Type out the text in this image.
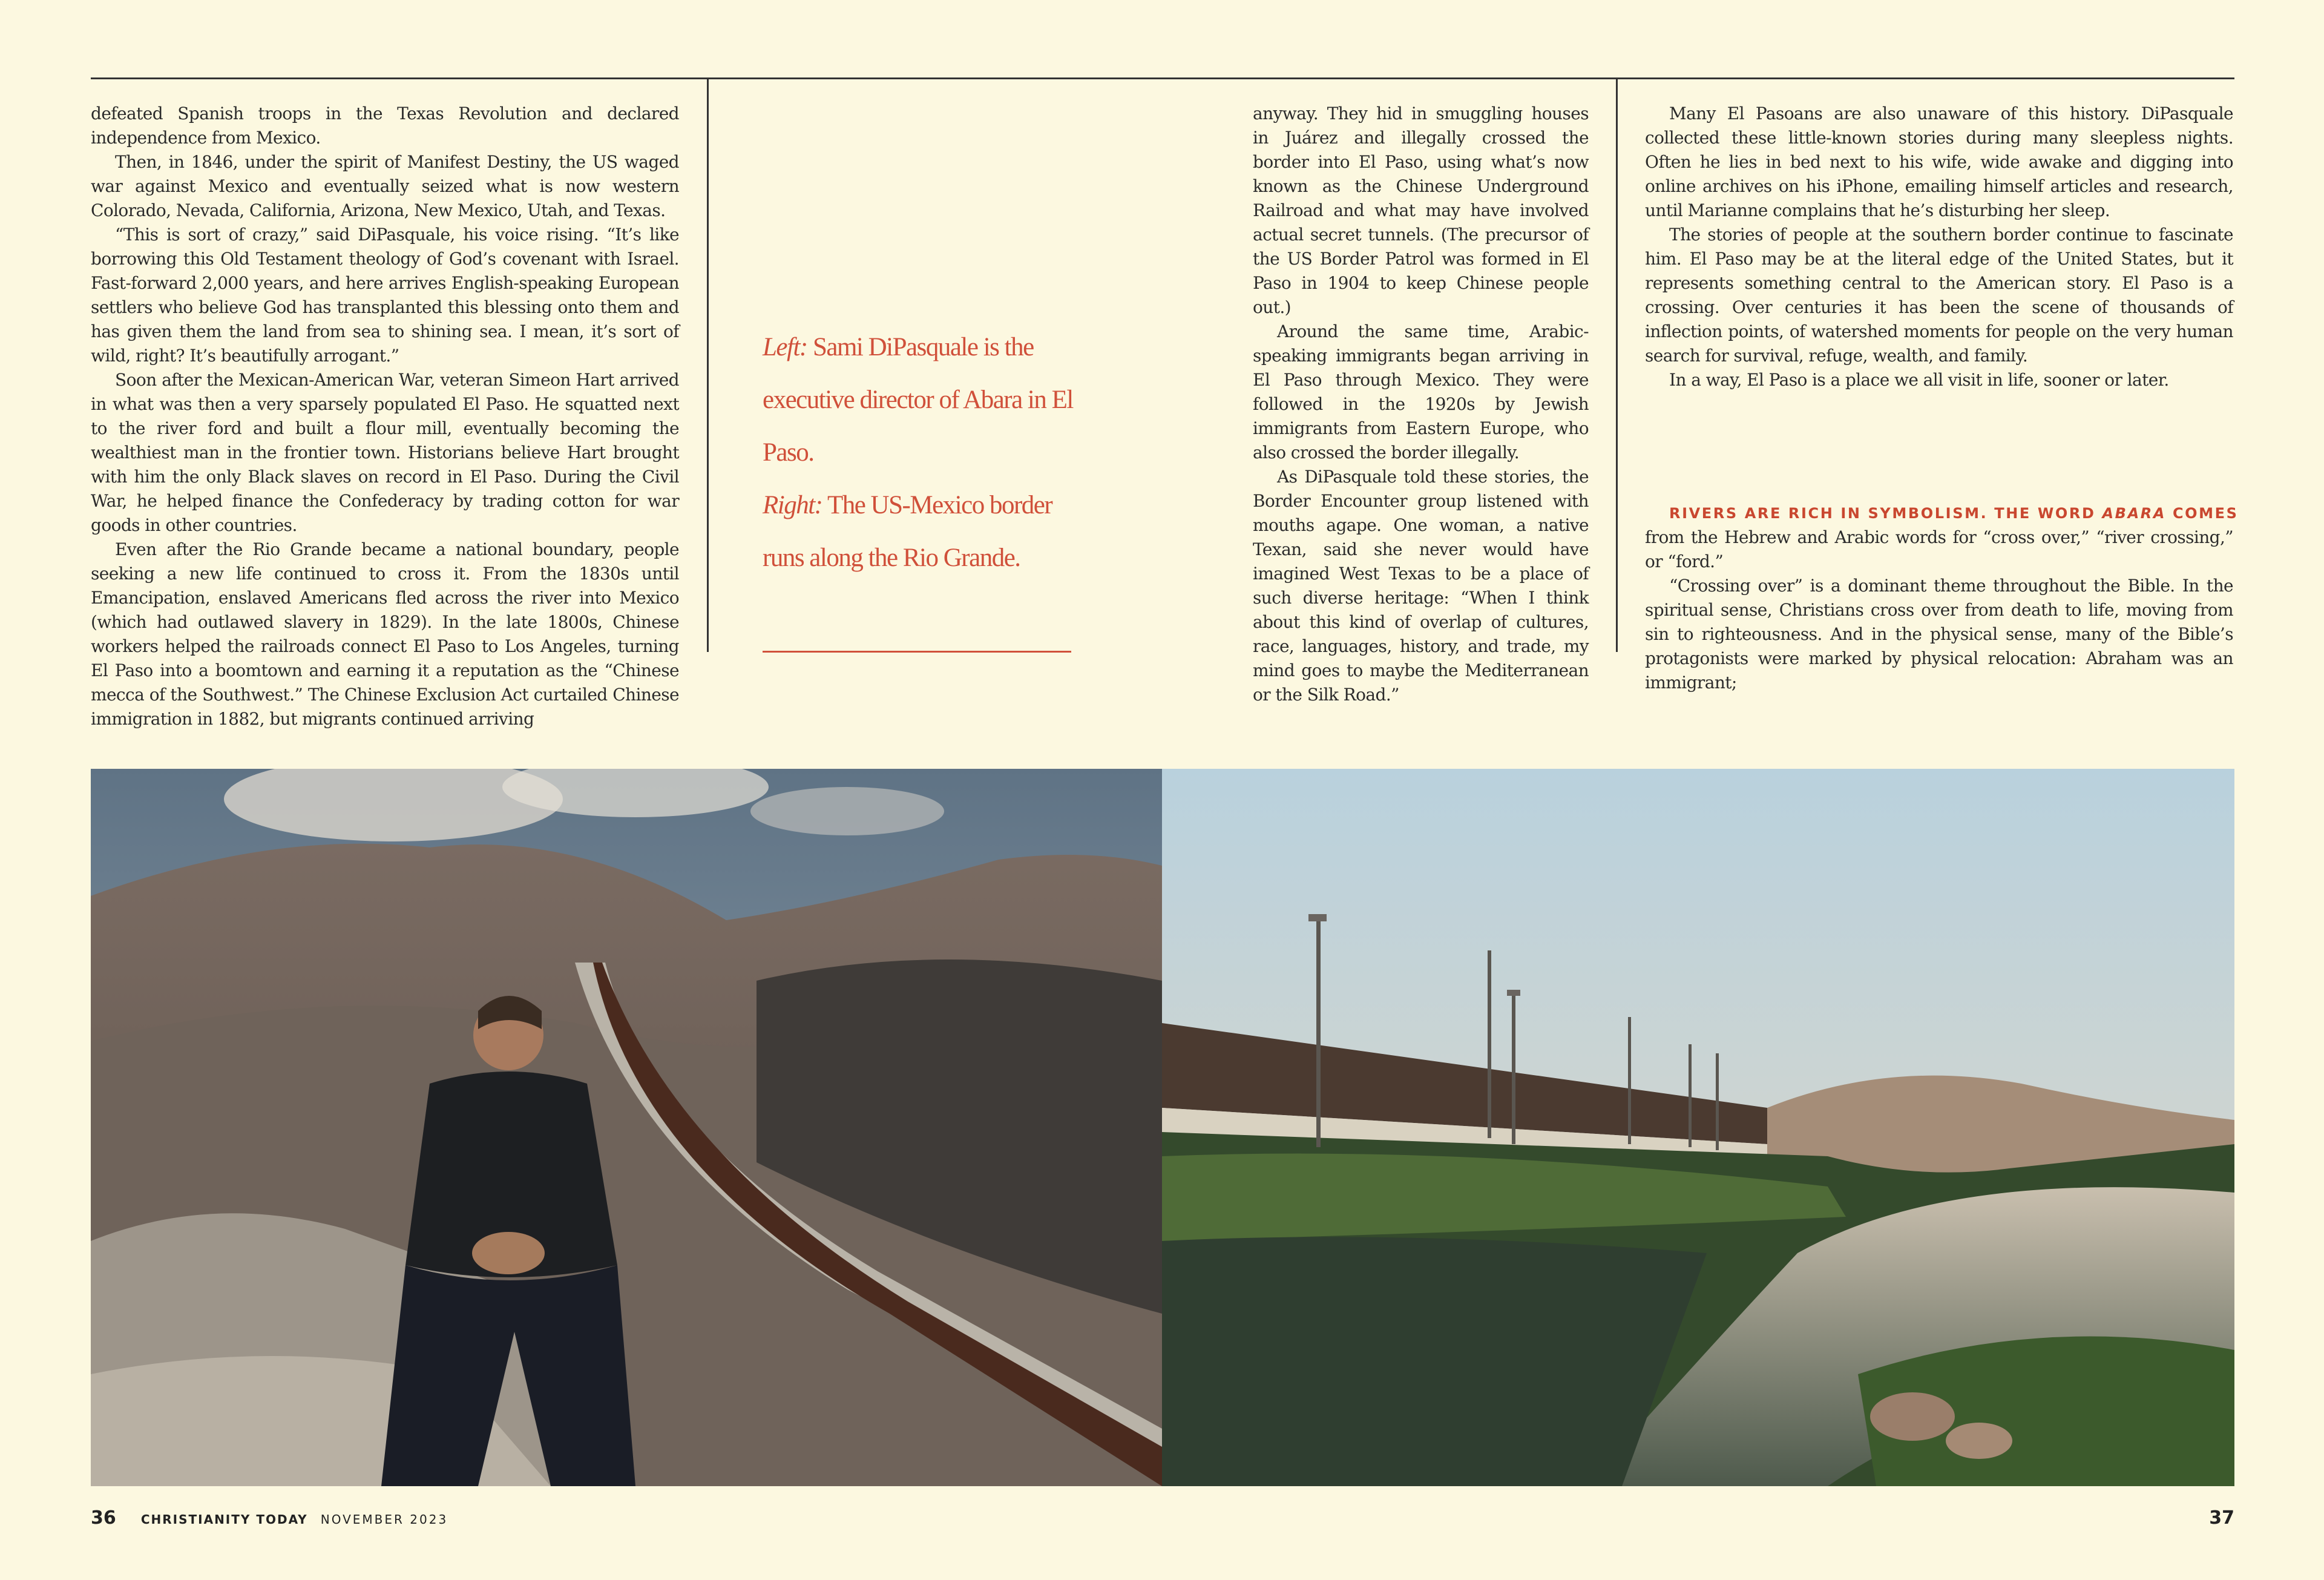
defeated Spanish troops in the Texas Revolution and declared independence from Mexico.

Then, in 1846, under the spirit of Manifest Destiny, the US waged war against Mexico and eventually seized what is now western Colorado, Nevada, California, Arizona, New Mexico, Utah, and Texas.

“This is sort of crazy,” said DiPasquale, his voice rising. “It’s like borrowing this Old Testament theology of God’s covenant with Israel. Fast-forward 2,000 years, and here arrives English-speaking European settlers who believe God has transplanted this blessing onto them and has given them the land from sea to shining sea. I mean, it’s sort of wild, right? It’s beautifully arrogant.”

Soon after the Mexican-American War, veteran Simeon Hart arrived in what was then a very sparsely populated El Paso. He squatted next to the river ford and built a flour mill, eventually becoming the wealthiest man in the frontier town. Historians believe Hart brought with him the only Black slaves on record in El Paso. During the Civil War, he helped finance the Confederacy by trading cotton for war goods in other countries.

Even after the Rio Grande became a national boundary, people seeking a new life continued to cross it. From the 1830s until Emancipation, enslaved Americans fled across the river into Mexico (which had outlawed slavery in 1829). In the late 1800s, Chinese workers helped the railroads connect El Paso to Los Angeles, turning El Paso into a boomtown and earning it a reputation as the “Chinese mecca of the Southwest.” The Chinese Exclusion Act curtailed Chinese immigration in 1882, but migrants continued arriving

Left: Sami DiPasquale is the executive director of Abara in El Paso.
Right: The US-Mexico border runs along the Rio Grande.

anyway. They hid in smuggling houses in Juárez and illegally crossed the border into El Paso, using what’s now known as the Chinese Underground Railroad and what may have involved actual secret tunnels. (The precursor of the US Border Patrol was formed in El Paso in 1904 to keep Chinese people out.)

Around the same time, Arabic-speaking immigrants began arriving in El Paso through Mexico. They were followed in the 1920s by Jewish immigrants from Eastern Europe, who also crossed the border illegally.

As DiPasquale told these stories, the Border Encounter group listened with mouths agape. One woman, a native Texan, said she never would have imagined West Texas to be a place of such diverse heritage: “When I think about this kind of overlap of cultures, race, languages, history, and trade, my mind goes to maybe the Mediterranean or the Silk Road.”

Many El Pasoans are also unaware of this history. DiPasquale collected these little-known stories during many sleepless nights. Often he lies in bed next to his wife, wide awake and digging into online archives on his iPhone, emailing himself articles and research, until Marianne complains that he’s disturbing her sleep.

The stories of people at the southern border continue to fascinate him. El Paso may be at the literal edge of the United States, but it represents something central to the American story. El Paso is a crossing. Over centuries it has been the scene of thousands of inflection points, of watershed moments for people on the very human search for survival, refuge, wealth, and family.

In a way, El Paso is a place we all visit in life, sooner or later.

RIVERS ARE RICH IN SYMBOLISM. THE WORD ABARA COMES

from the Hebrew and Arabic words for “cross over,” “river crossing,” or “ford.”

“Crossing over” is a dominant theme throughout the Bible. In the spiritual sense, Christians cross over from death to life, moving from sin to righteousness. And in the physical sense, many of the Bible’s protagonists were marked by physical relocation: Abraham was an immigrant;

36 CHRISTIANITY TODAY NOVEMBER 2023	37
